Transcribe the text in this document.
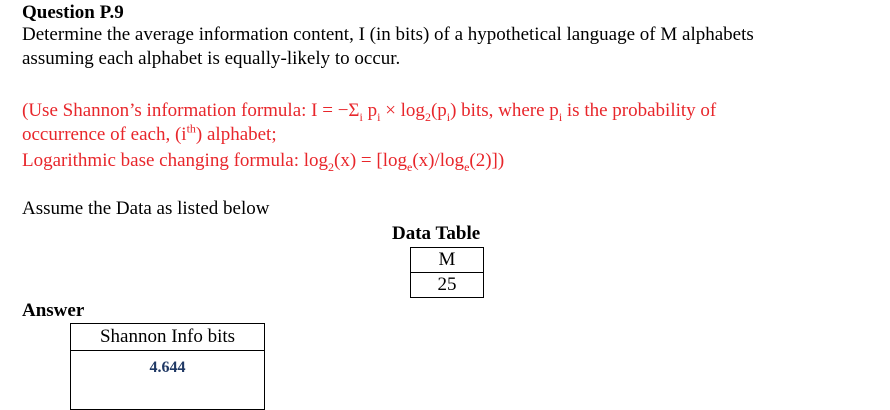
Question P.9
Determine the average information content, I (in bits) of a hypothetical language of M alphabets
assuming each alphabet is equally-likely to occur.
(Use Shannon’s information formula: $I = -\Sigma_i$ $p_i \times \log_2(p_i)$ bits, where $p_i$ is the probability of
occurrence of each, $(i^{th})$ alphabet;
Logarithmic base changing formula: $\log_2(x) = [\log_e(x)/\log_e(2)]$)
Assume the Data as listed below
Data Table
M
25
Answer
Shannon Info bits
4.644
